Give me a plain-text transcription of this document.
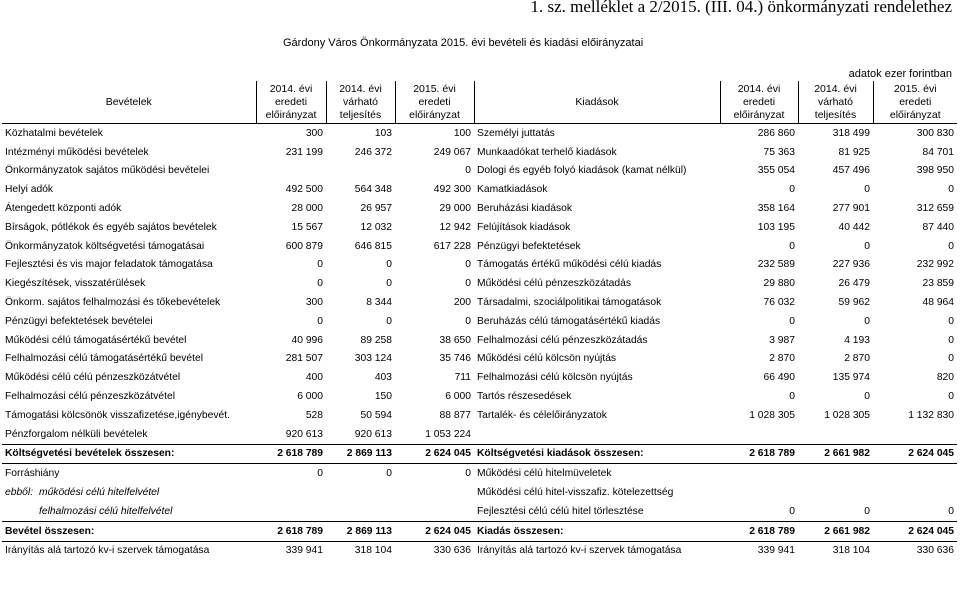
1. sz. melléklet a 2/2015. (III. 04.) önkormányzati rendelethez
Gárdony Város Önkormányzata 2015. évi bevételi és kiadási előirányzatai
adatok ezer forintban
Bevételek	2014. évi
eredeti
előirányzat	2014. évi
várható
teljesítés	2015. évi
eredeti
előirányzat	Kiadások	2014. évi
eredeti
előirányzat	2014. évi
várható
teljesítés	2015. évi
eredeti
előirányzat
Közhatalmi bevételek	300	103	100	Személyi juttatás	286 860	318 499	300 830
Intézményi működési bevételek	231 199	246 372	249 067	Munkaadókat terhelő kiadások	75 363	81 925	84 701
Önkormányzatok sajátos működési bevételei			0	Dologi és egyéb folyó kiadások (kamat nélkül)	355 054	457 496	398 950
Helyi adók	492 500	564 348	492 300	Kamatkiadások	0	0	0
Átengedett központi adók	28 000	26 957	29 000	Beruházási kiadások	358 164	277 901	312 659
Bírságok, pótlékok és egyéb sajátos bevételek	15 567	12 032	12 942	Felújítások kiadások	103 195	40 442	87 440
Önkormányzatok költségvetési támogatásai	600 879	646 815	617 228	Pénzügyi befektetések	0	0	0
Fejlesztési és vis major feladatok támogatása	0	0	0	Támogatás értékű működési célú kiadás	232 589	227 936	232 992
Kiegészítések, visszatérülések	0	0	0	Működési célú pénzeszközátadás	29 880	26 479	23 859
Önkorm. sajátos felhalmozási és tőkebevételek	300	8 344	200	Társadalmi, szociálpolitikai támogatások	76 032	59 962	48 964
Pénzügyi befektetések bevételei	0	0	0	Beruházás célú támogatásértékű kiadás	0	0	0
Működési célú támogatásértékű bevétel	40 996	89 258	38 650	Felhalmozási célú pénzeszközátadás	3 987	4 193	0
Felhalmozási célú támogatásértékű bevétel	281 507	303 124	35 746	Működési célú kölcsön nyújtás	2 870	2 870	0
Működési célú célú pénzeszközátvétel	400	403	711	Felhalmozási célú kölcsön nyújtás	66 490	135 974	820
Felhalmozási célú pénzeszközátvétel	6 000	150	6 000	Tartós részesedések	0	0	0
Támogatási kölcsönök visszafizetése,igénybevét.	528	50 594	88 877	Tartalék- és célelőirányzatok	1 028 305	1 028 305	1 132 830
Pénzforgalom nélküli bevételek	920 613	920 613	1 053 224				
Költségvetési bevételek összesen:	2 618 789	2 869 113	2 624 045	Költségvetési kiadások összesen:	2 618 789	2 661 982	2 624 045
Forráshiány	0	0	0	Működési célú hitelmüveletek			
ebből: működési célú hitelfelvétel				Működési célú hitel-visszafiz. kötelezettség			
felhalmozási célú hitelfelvétel				Fejlesztési célú célú hitel törlesztése	0	0	0
Bevétel összesen:	2 618 789	2 869 113	2 624 045	Kiadás összesen:	2 618 789	2 661 982	2 624 045
Irányítás alá tartozó kv-i szervek támogatása	339 941	318 104	330 636	Irányítás alá tartozó kv-i szervek támogatása	339 941	318 104	330 636
